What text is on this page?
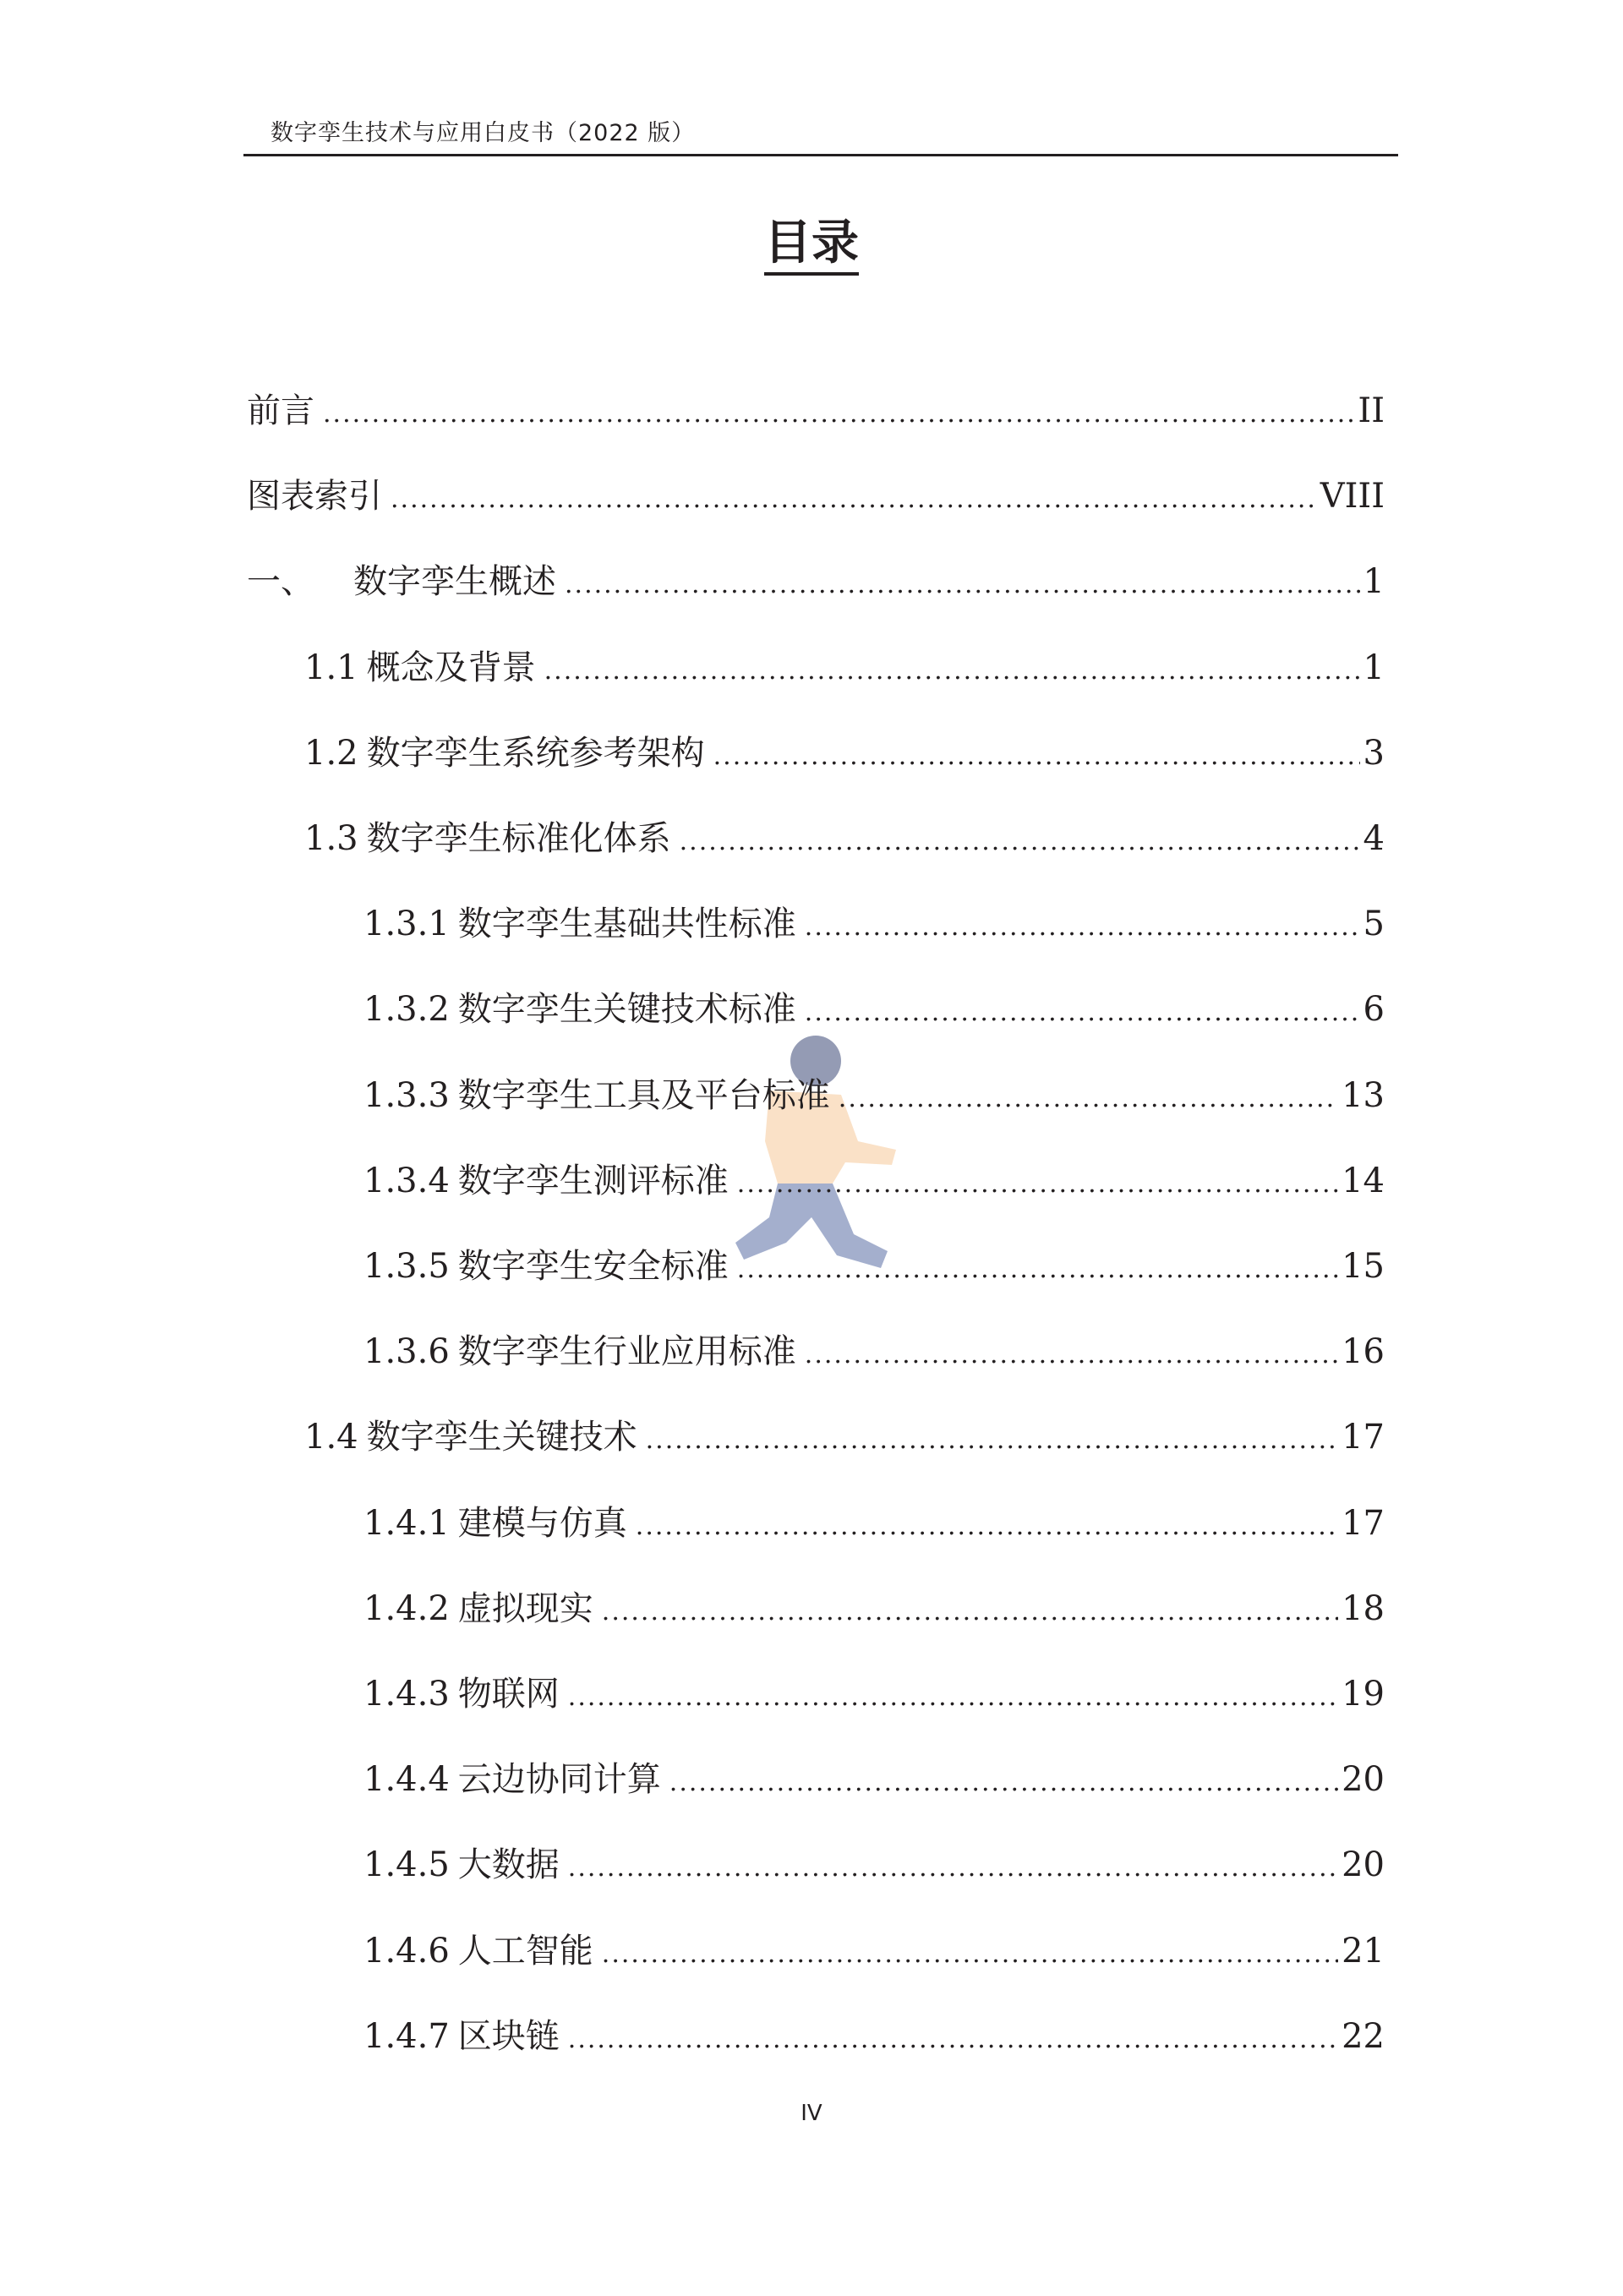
数字孪生技术与应用白皮书（2022 版）
目录
前言 .....	II
图表索引 .....	VIII
一、 数字孪生概述 .....	1
1.1 概念及背景 .....	1
1.2 数字孪生系统参考架构 .....	3
1.3 数字孪生标准化体系 .....	4
1.3.1 数字孪生基础共性标准 .....	5
1.3.2 数字孪生关键技术标准 .....	6
1.3.3 数字孪生工具及平台标准 .....	13
1.3.4 数字孪生测评标准 .....	14
1.3.5 数字孪生安全标准 .....	15
1.3.6 数字孪生行业应用标准 .....	16
1.4 数字孪生关键技术 .....	17
1.4.1 建模与仿真 .....	17
1.4.2 虚拟现实 .....	18
1.4.3 物联网 .....	19
1.4.4 云边协同计算 .....	20
1.4.5 大数据 .....	20
1.4.6 人工智能 .....	21
1.4.7 区块链 .....	22
IV
